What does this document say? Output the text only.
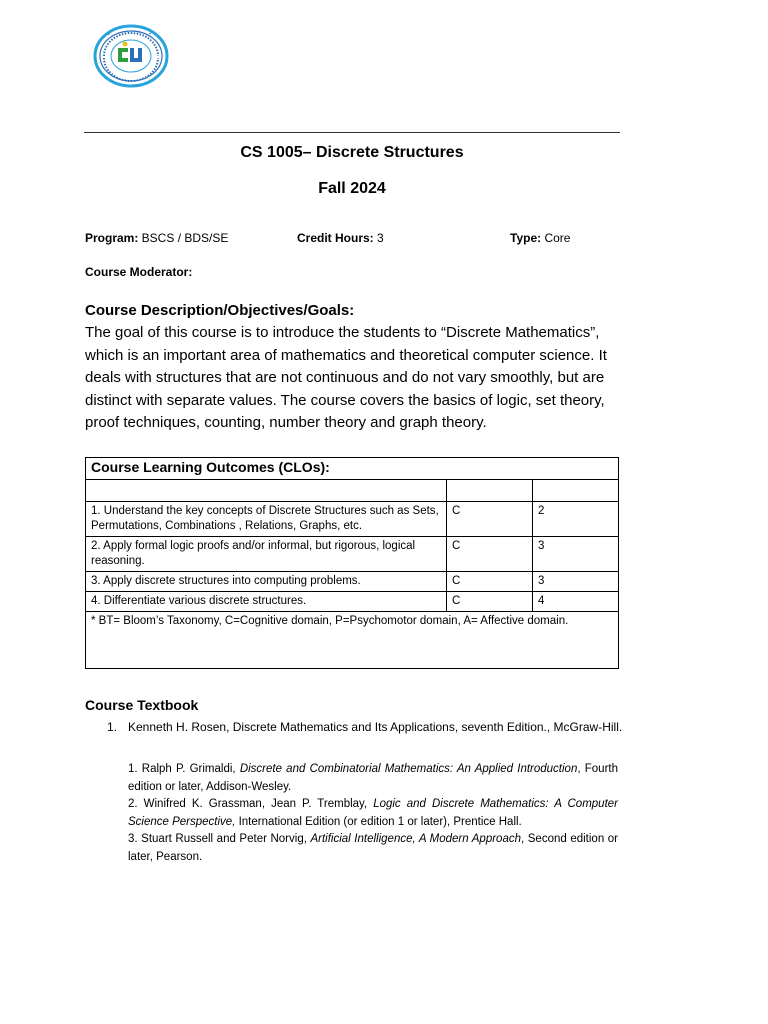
✦	✦
CS 1005– Discrete Structures
Fall 2024
Program: BSCS / BDS/SE	Credit Hours: 3	Type: Core
Course Moderator:
Course Description/Objectives/Goals:
The goal of this course is to introduce the students to “Discrete Mathematics”, which is an important area of mathematics and theoretical computer science. It deals with structures that are not continuous and do not vary smoothly, but are distinct with separate values. The course covers the basics of logic, set theory, proof techniques, counting, number theory and graph theory.
Course Learning Outcomes (CLOs):		

1. Understand the key concepts of Discrete Structures such as Sets, Permutations, Combinations , Relations, Graphs, etc.	C	2
2. Apply formal logic proofs and/or informal, but rigorous, logical reasoning.	C	3
3. Apply discrete structures into computing problems.	C	3
4. Differentiate various discrete structures.	C	4
* BT= Bloom’s Taxonomy, C=Cognitive domain, P=Psychomotor domain, A= Affective domain.		
Course Textbook
1. Kenneth H. Rosen, Discrete Mathematics and Its Applications, seventh Edition., McGraw-Hill.

1. Ralph P. Grimaldi, Discrete and Combinatorial Mathematics: An Applied Introduction, Fourth edition or later, Addison-Wesley.

2. Winifred K. Grassman, Jean P. Tremblay, Logic and Discrete Mathematics: A Computer Science Perspective, International Edition (or edition 1 or later), Prentice Hall.

3. Stuart Russell and Peter Norvig, Artificial Intelligence, A Modern Approach, Second edition or later, Pearson.
